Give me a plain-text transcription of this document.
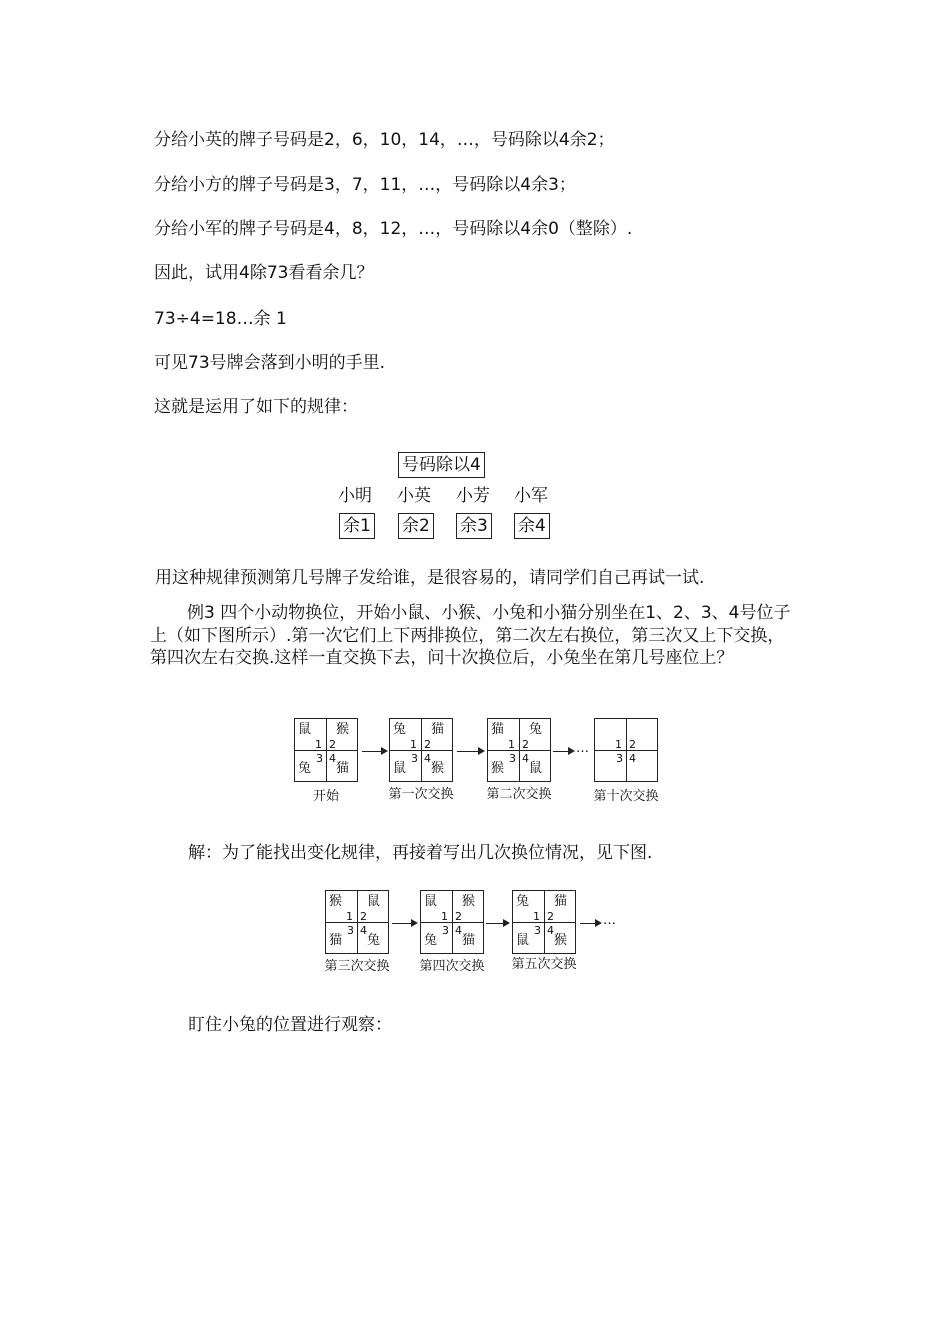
分给小英的牌子号码是2，6，10，14，…，号码除以4余2；
分给小方的牌子号码是3，7，11，…，号码除以4余3；
分给小军的牌子号码是4，8，12，…，号码除以4余0（整除）.
因此，试用4除73看看余几？
73÷4=18…余 1
可见73号牌会落到小明的手里.
这就是运用了如下的规律：
号码除以4
小明 小英 小芳 小军
余1 余2 余3 余4
用这种规律预测第几号牌子发给谁，是很容易的，请同学们自己再试一试.
例3 四个小动物换位，开始小鼠、小猴、小兔和小猫分别坐在1、2、3、4号位子上（如下图所示）.第一次它们上下两排换位，第二次左右换位，第三次又上下交换，第四次左右交换.这样一直交换下去，问十次换位后，小兔坐在第几号座位上？
鼠 猴
兔 猫
1 2
3 4
开始
兔 猫
鼠 猴
1 2
3 4
第一次交换
猫 兔
猴 鼠
1 2
3 4
第二次交换
… 1 2
3 4
第十次交换
解：为了能找出变化规律，再接着写出几次换位情况，见下图.
猴 鼠
猫 兔
1 2
3 4
第三次交换
鼠 猴
兔 猫
1 2
3 4
第四次交换
兔 猫
鼠 猴
1 2
3 4
第五次交换
…
盯住小兔的位置进行观察：
